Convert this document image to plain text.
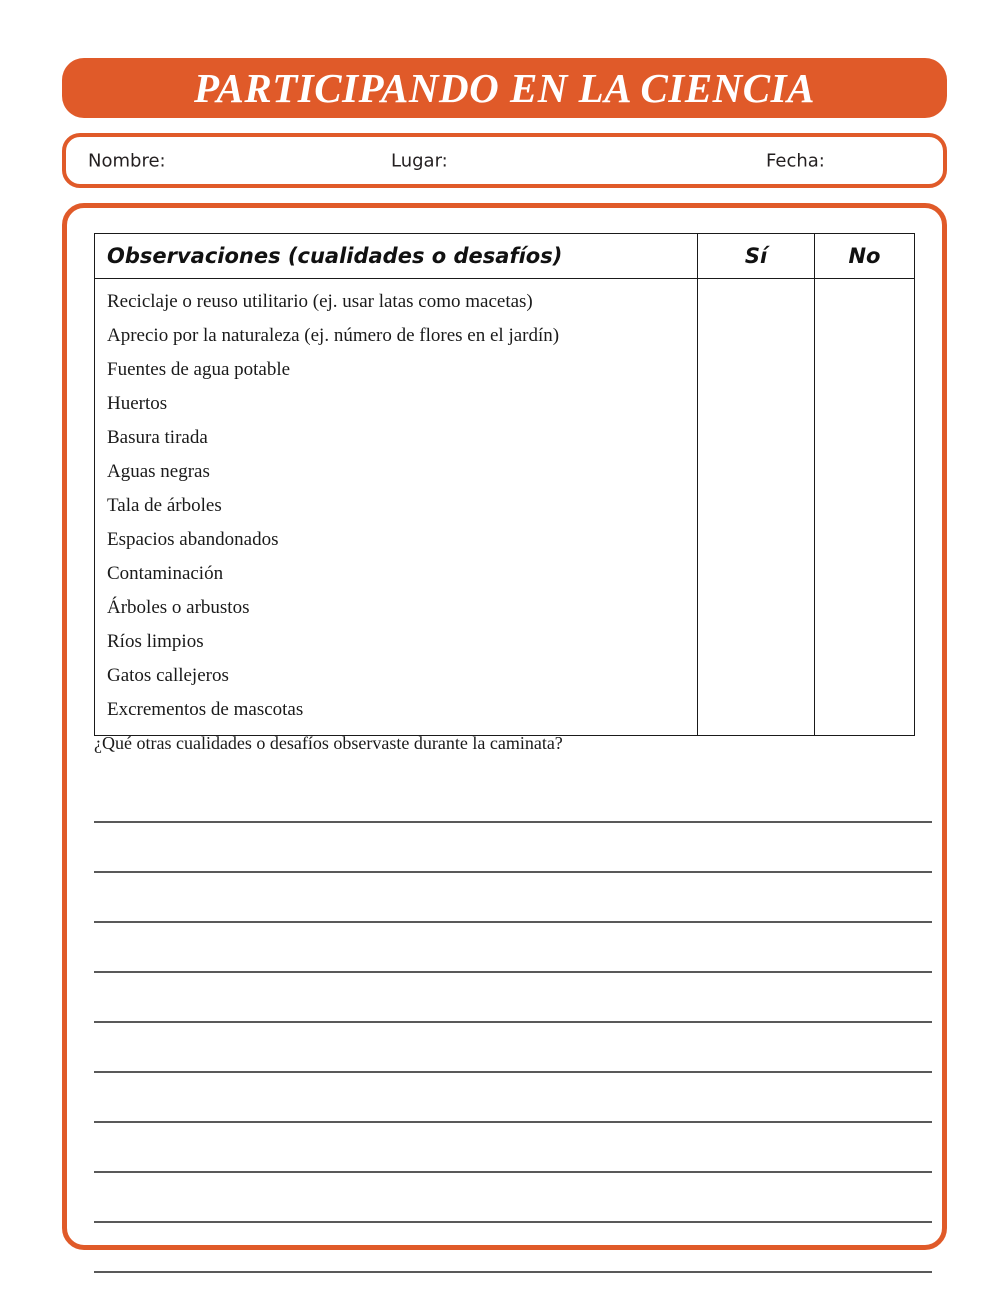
PARTICIPANDO EN LA CIENCIA
Nombre:	Lugar:	Fecha:
Observaciones (cualidades o desafíos)	Sí	No

Reciclaje o reuso utilitario (ej. usar latas como macetas)
Aprecio por la naturaleza (ej. número de flores en el jardín)
Fuentes de agua potable
Huertos
Basura tirada
Aguas negras
Tala de árboles
Espacios abandonados
Contaminación
Árboles o arbustos
Ríos limpios
Gatos callejeros
Excrementos de mascotas

¿Qué otras cualidades o desafíos observaste durante la caminata?
